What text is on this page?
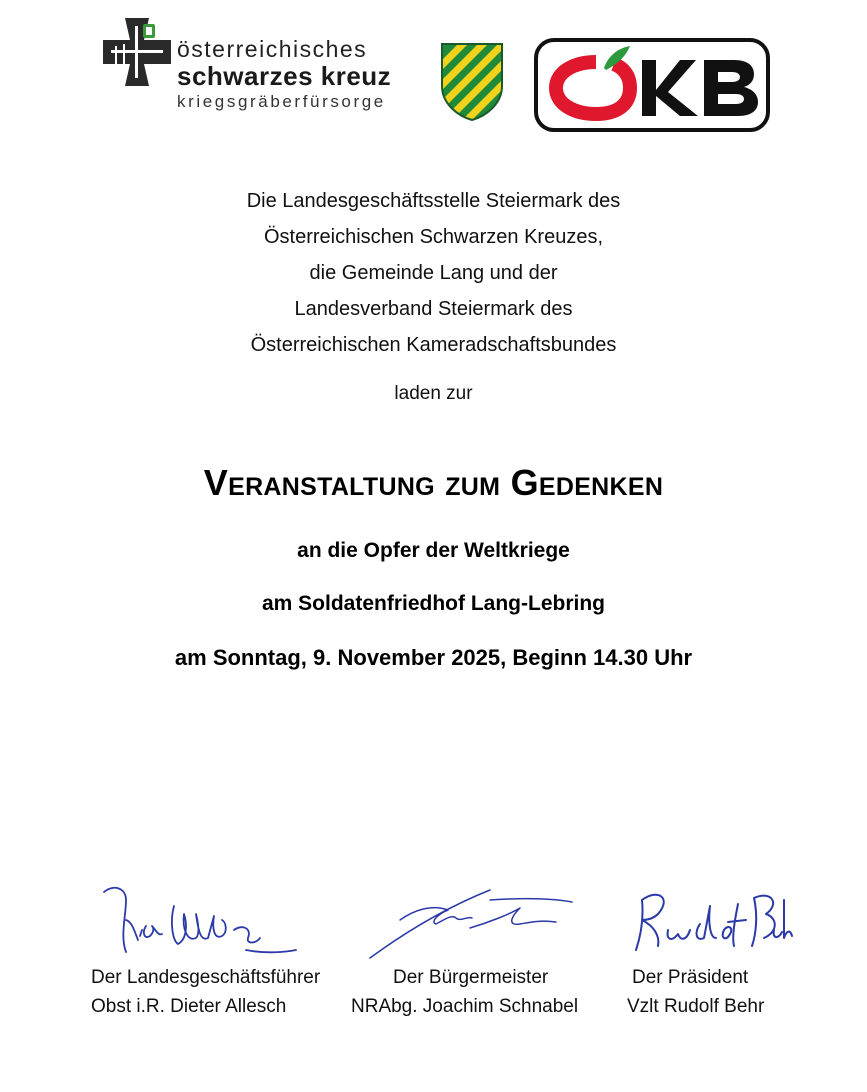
österreichisches
schwarzes kreuz
kriegsgräberfürsorge
ÖKB
Die Landesgeschäftsstelle Steiermark des
Österreichischen Schwarzen Kreuzes,
die Gemeinde Lang und der
Landesverband Steiermark des
Österreichischen Kameradschaftsbundes
laden zur
Veranstaltung zum Gedenken
an die Opfer der Weltkriege
am Soldatenfriedhof Lang-Lebring
am Sonntag, 9. November 2025, Beginn 14.30 Uhr
Der Landesgeschäftsführer
Obst i.R. Dieter Allesch
Der Bürgermeister
NRAbg. Joachim Schnabel
Der Präsident
Vzlt Rudolf Behr
